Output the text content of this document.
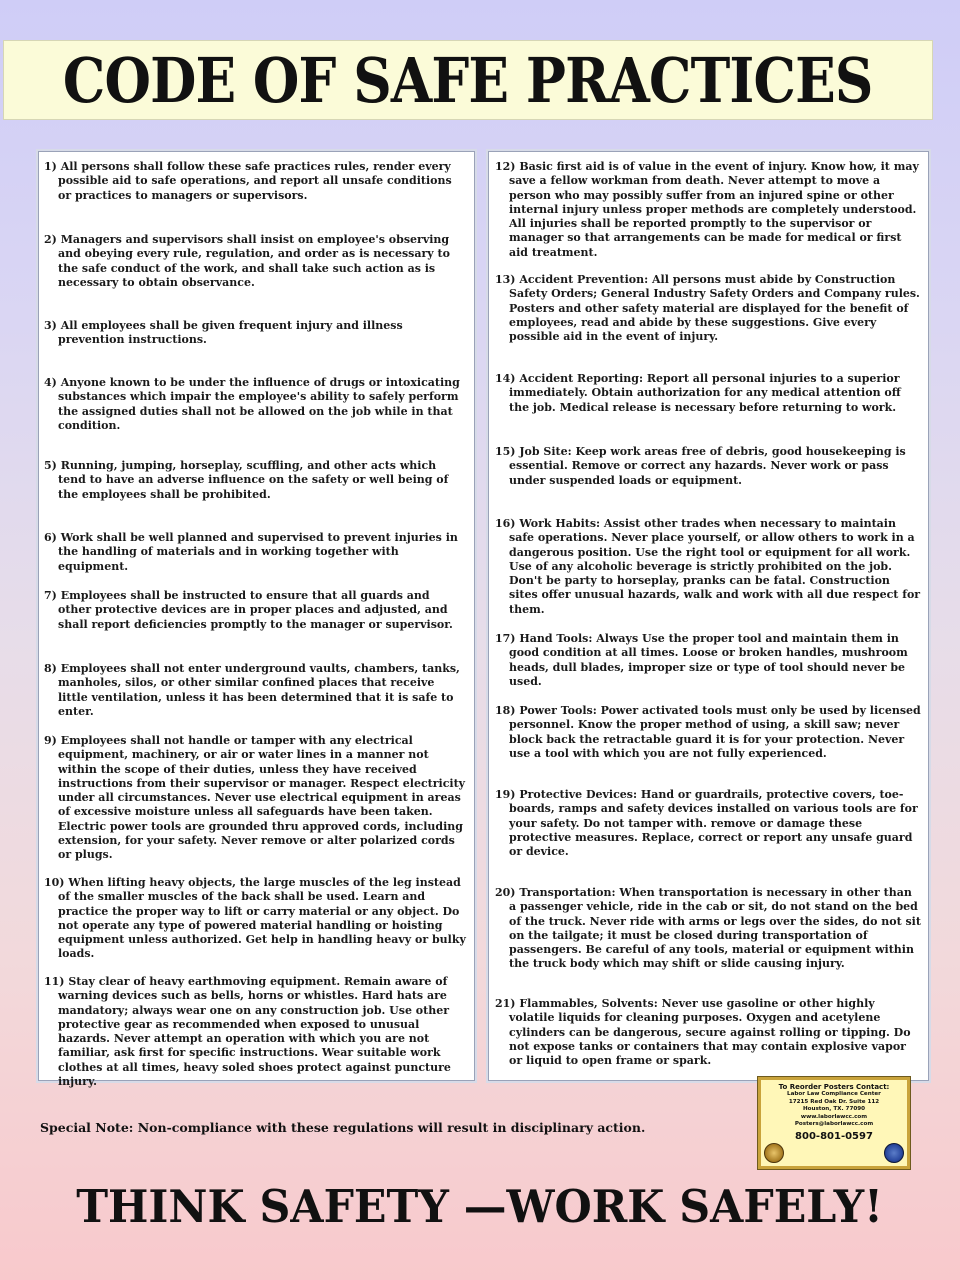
CODE OF SAFE PRACTICES

1) All persons shall follow these safe practices rules, render every possible aid to safe operations, and report all unsafe conditions or practices to managers or supervisors.

2) Managers and supervisors shall insist on employee's observing and obeying every rule, regulation, and order as is necessary to the safe conduct of the work, and shall take such action as is necessary to obtain observance.

3) All employees shall be given frequent injury and illness prevention instructions.

4) Anyone known to be under the influence of drugs or intoxicating substances which impair the employee's ability to safely perform the assigned duties shall not be allowed on the job while in that condition.

5) Running, jumping, horseplay, scuffling, and other acts which tend to have an adverse influence on the safety or well being of the employees shall be prohibited.

6) Work shall be well planned and supervised to prevent injuries in the handling of materials and in working together with equipment.

7) Employees shall be instructed to ensure that all guards and other protective devices are in proper places and adjusted, and shall report deficiencies promptly to the manager or supervisor.

8) Employees shall not enter underground vaults, chambers, tanks, manholes, silos, or other similar confined places that receive little ventilation, unless it has been determined that it is safe to enter.

9) Employees shall not handle or tamper with any electrical equipment, machinery, or air or water lines in a manner not within the scope of their duties, unless they have received instructions from their supervisor or manager. Respect electricity under all circumstances. Never use electrical equipment in areas of excessive moisture unless all safeguards have been taken. Electric power tools are grounded thru approved cords, including extension, for your safety. Never remove or alter polarized cords or plugs.

10) When lifting heavy objects, the large muscles of the leg instead of the smaller muscles of the back shall be used. Learn and practice the proper way to lift or carry material or any object. Do not operate any type of powered material handling or hoisting equipment unless authorized. Get help in handling heavy or bulky loads.

11) Stay clear of heavy earthmoving equipment. Remain aware of warning devices such as bells, horns or whistles. Hard hats are mandatory; always wear one on any construction job. Use other protective gear as recommended when exposed to unusual hazards. Never attempt an operation with which you are not familiar, ask first for specific instructions. Wear suitable work clothes at all times, heavy soled shoes protect against puncture injury.

12) Basic first aid is of value in the event of injury. Know how, it may save a fellow workman from death. Never attempt to move a person who may possibly suffer from an injured spine or other internal injury unless proper methods are completely understood. All injuries shall be reported promptly to the supervisor or manager so that arrangements can be made for medical or first aid treatment.

13) Accident Prevention: All persons must abide by Construction Safety Orders; General Industry Safety Orders and Company rules. Posters and other safety material are displayed for the benefit of employees, read and abide by these suggestions. Give every possible aid in the event of injury.

14) Accident Reporting: Report all personal injuries to a superior immediately. Obtain authorization for any medical attention off the job. Medical release is necessary before returning to work.

15) Job Site: Keep work areas free of debris, good housekeeping is essential. Remove or correct any hazards. Never work or pass under suspended loads or equipment.

16) Work Habits: Assist other trades when necessary to maintain safe operations. Never place yourself, or allow others to work in a dangerous position. Use the right tool or equipment for all work. Use of any alcoholic beverage is strictly prohibited on the job. Don't be party to horseplay, pranks can be fatal. Construction sites offer unusual hazards, walk and work with all due respect for them.

17) Hand Tools: Always Use the proper tool and maintain them in good condition at all times. Loose or broken handles, mushroom heads, dull blades, improper size or type of tool should never be used.

18) Power Tools: Power activated tools must only be used by licensed personnel. Know the proper method of using, a skill saw; never block back the retractable guard it is for your protection. Never use a tool with which you are not fully experienced.

19) Protective Devices: Hand or guardrails, protective covers, toe-boards, ramps and safety devices installed on various tools are for your safety. Do not tamper with. remove or damage these protective measures. Replace, correct or report any unsafe guard or device.

20) Transportation: When transportation is necessary in other than a passenger vehicle, ride in the cab or sit, do not stand on the bed of the truck. Never ride with arms or legs over the sides, do not sit on the tailgate; it must be closed during transportation of passengers. Be careful of any tools, material or equipment within the truck body which may shift or slide causing injury.

21) Flammables, Solvents: Never use gasoline or other highly volatile liquids for cleaning purposes. Oxygen and acetylene cylinders can be dangerous, secure against rolling or tipping. Do not expose tanks or containers that may contain explosive vapor or liquid to open frame or spark.

Special Note: Non-compliance with these regulations will result in disciplinary action.
To Reorder Posters Contact:
Labor Law Compliance Center
17215 Red Oak Dr. Suite 112
Houston, TX. 77090
www.laborlawcc.com
Posters@laborlawcc.com
800-801-0597
THINK SAFETY —WORK SAFELY!
